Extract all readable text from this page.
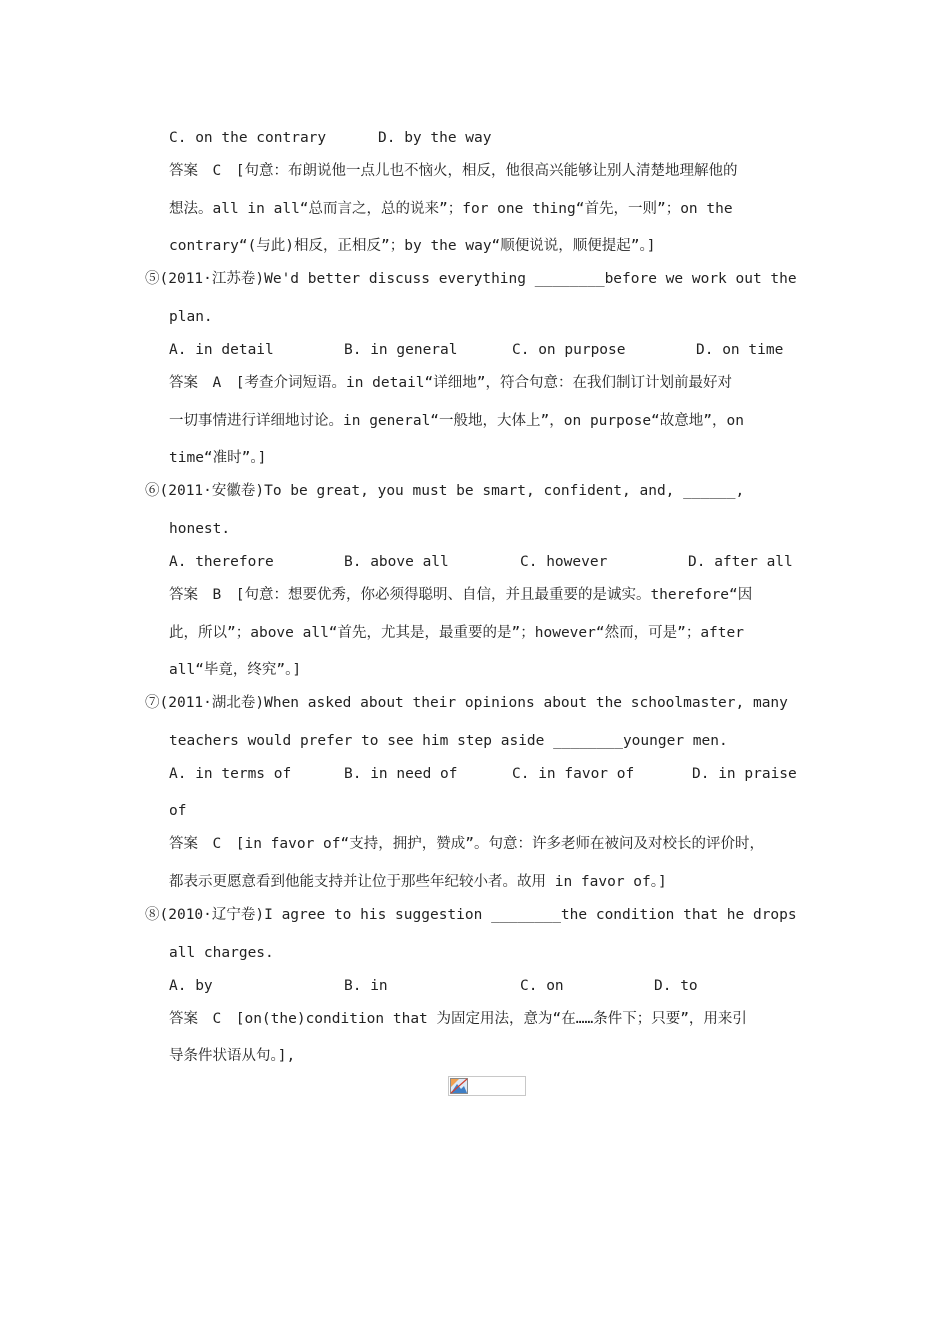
C. on the contrary	D. by the way
答案　C　[句意：布朗说他一点儿也不恼火，相反，他很高兴能够让别人清楚地理解他的
想法。all in all“总而言之，总的说来”；for one thing“首先，一则”；on the
contrary“(与此)相反，正相反”；by the way“顺便说说，顺便提起”。]
⑤(2011·江苏卷)We'd better discuss everything ________before we work out the
plan.
A. in detail	B. in general	C. on purpose	D. on time
答案　A　[考查介词短语。in detail“详细地”，符合句意：在我们制订计划前最好对
一切事情进行详细地讨论。in general“一般地，大体上”，on purpose“故意地”，on
time“准时”。]
⑥(2011·安徽卷)To be great, you must be smart, confident, and, ______,
honest.
A. therefore	B. above all	C. however	D. after all
答案　B　[句意：想要优秀，你必须得聪明、自信，并且最重要的是诚实。therefore“因
此，所以”；above all“首先，尤其是，最重要的是”；however“然而，可是”；after
all“毕竟，终究”。]
⑦(2011·湖北卷)When asked about their opinions about the schoolmaster, many
teachers would prefer to see him step aside ________younger men.
A. in terms of	B. in need of	C. in favor of	D. in praise
of
答案　C　[in favor of“支持，拥护，赞成”。句意：许多老师在被问及对校长的评价时，
都表示更愿意看到他能支持并让位于那些年纪较小者。故用 in favor of。]
⑧(2010·辽宁卷)I agree to his suggestion ________the condition that he drops
all charges.
A. by	B. in	C. on	D. to
答案　C　[on(the)condition that 为固定用法，意为“在……条件下；只要”，用来引
导条件状语从句。],
